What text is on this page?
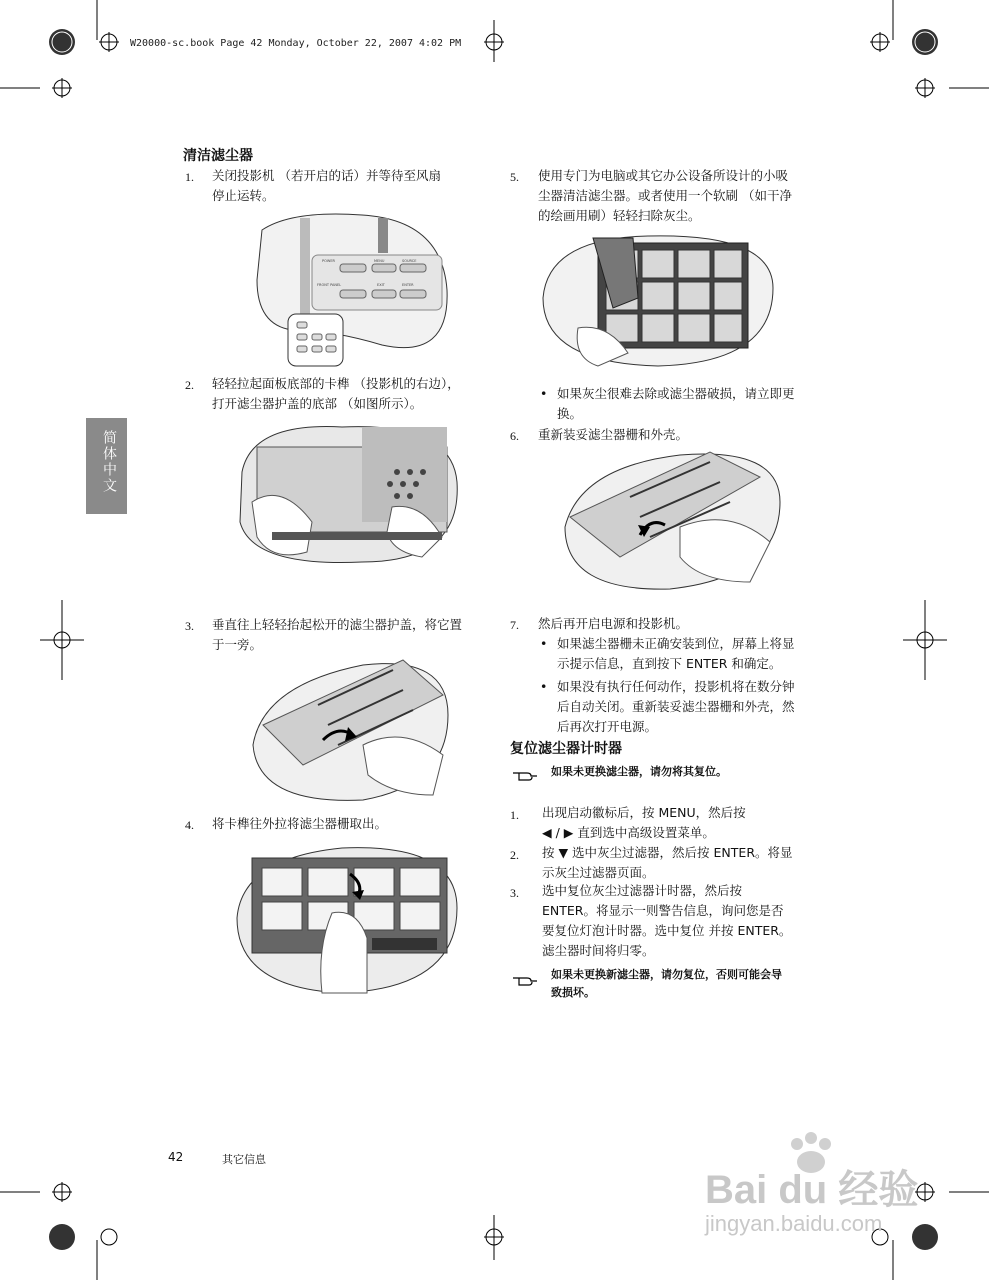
W20000-sc.book Page 42 Monday, October 22, 2007 4:02 PM
简体中文
清洁滤尘器
1. 关闭投影机 （若开启的话）并等待至风扇
停止运转。
POWER	MENU	SOURCE
FRONT PANEL	EXIT	ENTER
2. 轻轻拉起面板底部的卡榫 （投影机的右边），
打开滤尘器护盖的底部 （如图所示）。
3. 垂直往上轻轻抬起松开的滤尘器护盖，将它置
于一旁。
4. 将卡榫往外拉将滤尘器栅取出。
5. 使用专门为电脑或其它办公设备所设计的小吸
尘器清洁滤尘器。或者使用一个软刷 （如干净
的绘画用刷）轻轻扫除灰尘。
• 如果灰尘很难去除或滤尘器破损，请立即更
换。
6. 重新装妥滤尘器栅和外壳。
7. 然后再开启电源和投影机。
• 如果滤尘器栅未正确安装到位，屏幕上将显
示提示信息，直到按下 ENTER 和确定。
• 如果没有执行任何动作，投影机将在数分钟
后自动关闭。重新装妥滤尘器栅和外壳，然
后再次打开电源。
复位滤尘器计时器
如果未更换滤尘器，请勿将其复位。
1. 出现启动徽标后，按 MENU，然后按
◀ / ▶ 直到选中高级设置菜单。
2. 按 ▼ 选中灰尘过滤器，然后按 ENTER。将显
示灰尘过滤器页面。
3. 选中复位灰尘过滤器计时器，然后按
ENTER。将显示一则警告信息，询问您是否
要复位灯泡计时器。选中复位 并按 ENTER。
滤尘器时间将归零。
如果未更换新滤尘器，请勿复位，否则可能会导
致损坏。
42	其它信息
Bai du 经验
jingyan.baidu.com
